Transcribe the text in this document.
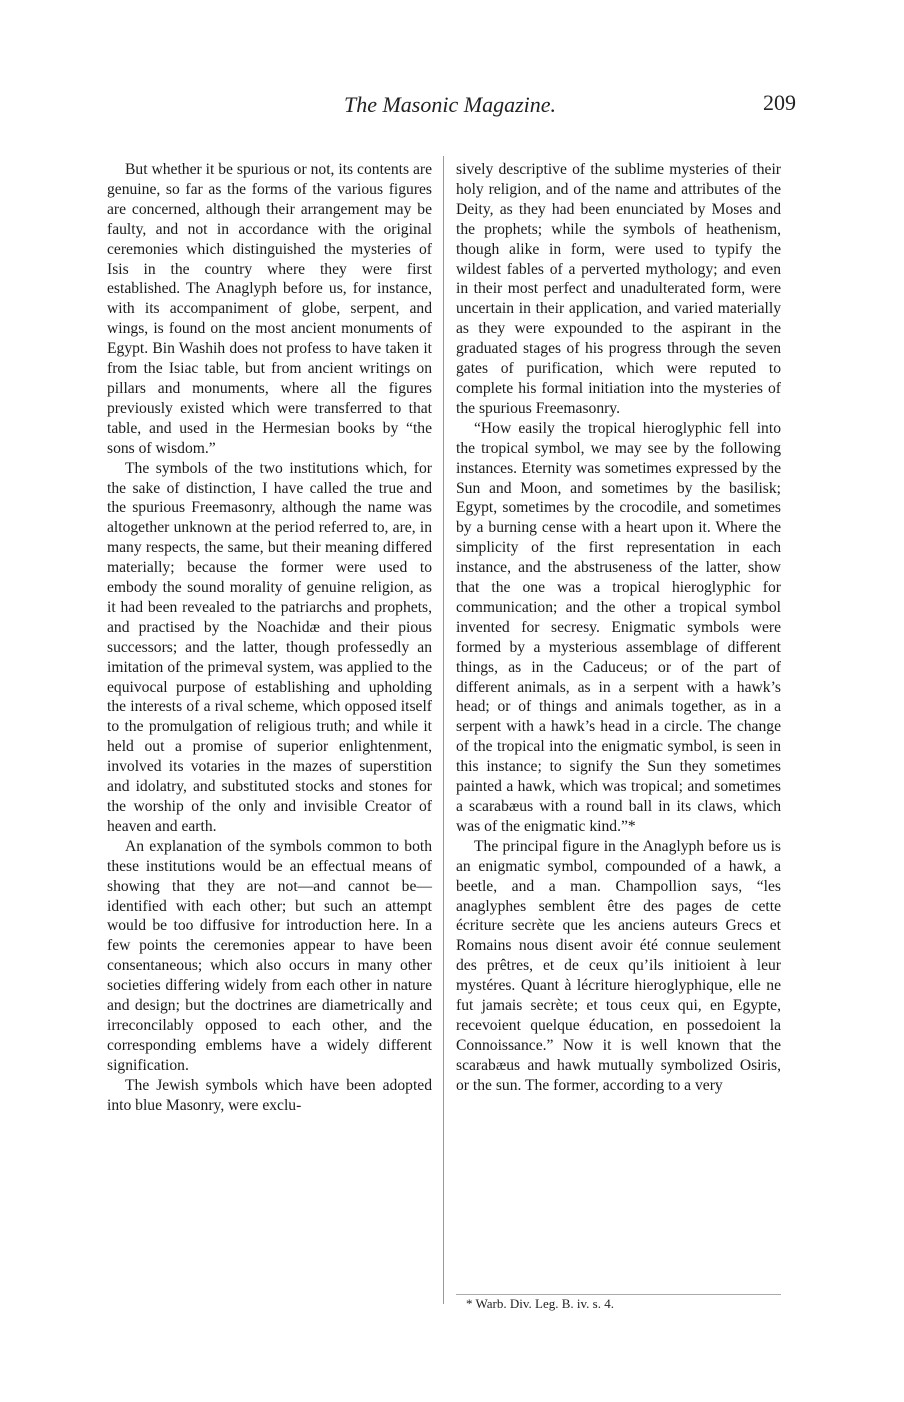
The Masonic Magazine.	209

But whether it be spurious or not, its contents are genuine, so far as the forms of the various figures are concerned, although their arrangement may be faulty, and not in accordance with the original ceremonies which distinguished the mysteries of Isis in the country where they were first established. The Anaglyph before us, for instance, with its accompaniment of globe, serpent, and wings, is found on the most ancient monuments of Egypt. Bin Washih does not profess to have taken it from the Isiac table, but from ancient writings on pillars and monuments, where all the figures previously existed which were transferred to that table, and used in the Hermesian books by “the sons of wisdom.”

The symbols of the two institutions which, for the sake of distinction, I have called the true and the spurious Freemasonry, although the name was altogether unknown at the period referred to, are, in many respects, the same, but their meaning differed materially; because the former were used to embody the sound morality of genuine religion, as it had been revealed to the patriarchs and prophets, and practised by the Noachidæ and their pious successors; and the latter, though professedly an imitation of the primeval system, was applied to the equivocal purpose of establishing and upholding the interests of a rival scheme, which opposed itself to the promulgation of religious truth; and while it held out a promise of superior enlightenment, involved its votaries in the mazes of superstition and idolatry, and substituted stocks and stones for the worship of the only and invisible Creator of heaven and earth.

An explanation of the symbols common to both these institutions would be an effectual means of showing that they are not—and cannot be—identified with each other; but such an attempt would be too diffusive for introduction here. In a few points the ceremonies appear to have been consentaneous; which also occurs in many other societies differing widely from each other in nature and design; but the doctrines are diametrically and irreconcilably opposed to each other, and the corresponding emblems have a widely different signification.

The Jewish symbols which have been adopted into blue Masonry, were exclu-

sively descriptive of the sublime mysteries of their holy religion, and of the name and attributes of the Deity, as they had been enunciated by Moses and the prophets; while the symbols of heathenism, though alike in form, were used to typify the wildest fables of a perverted mythology; and even in their most perfect and unadulterated form, were uncertain in their application, and varied materially as they were expounded to the aspirant in the graduated stages of his progress through the seven gates of purification, which were reputed to complete his formal initiation into the mysteries of the spurious Freemasonry.

“How easily the tropical hieroglyphic fell into the tropical symbol, we may see by the following instances. Eternity was sometimes expressed by the Sun and Moon, and sometimes by the basilisk; Egypt, sometimes by the crocodile, and sometimes by a burning cense with a heart upon it. Where the simplicity of the first representation in each instance, and the abstruseness of the latter, show that the one was a tropical hieroglyphic for communication; and the other a tropical symbol invented for secresy. Enigmatic symbols were formed by a mysterious assemblage of different things, as in the Caduceus; or of the part of different animals, as in a serpent with a hawk’s head; or of things and animals together, as in a serpent with a hawk’s head in a circle. The change of the tropical into the enigmatic symbol, is seen in this instance; to signify the Sun they sometimes painted a hawk, which was tropical; and sometimes a scarabæus with a round ball in its claws, which was of the enigmatic kind.”*

The principal figure in the Anaglyph before us is an enigmatic symbol, compounded of a hawk, a beetle, and a man. Champollion says, “les anaglyphes semblent être des pages de cette écriture secrète que les anciens auteurs Grecs et Romains nous disent avoir été connue seulement des prêtres, et de ceux qu’ils initioient à leur mystéres. Quant à lécriture hieroglyphique, elle ne fut jamais secrète; et tous ceux qui, en Egypte, recevoient quelque éducation, en possedoient la Connoissance.” Now it is well known that the scarabæus and hawk mutually symbolized Osiris, or the sun. The former, according to a very

* Warb. Div. Leg. B. iv. s. 4.
